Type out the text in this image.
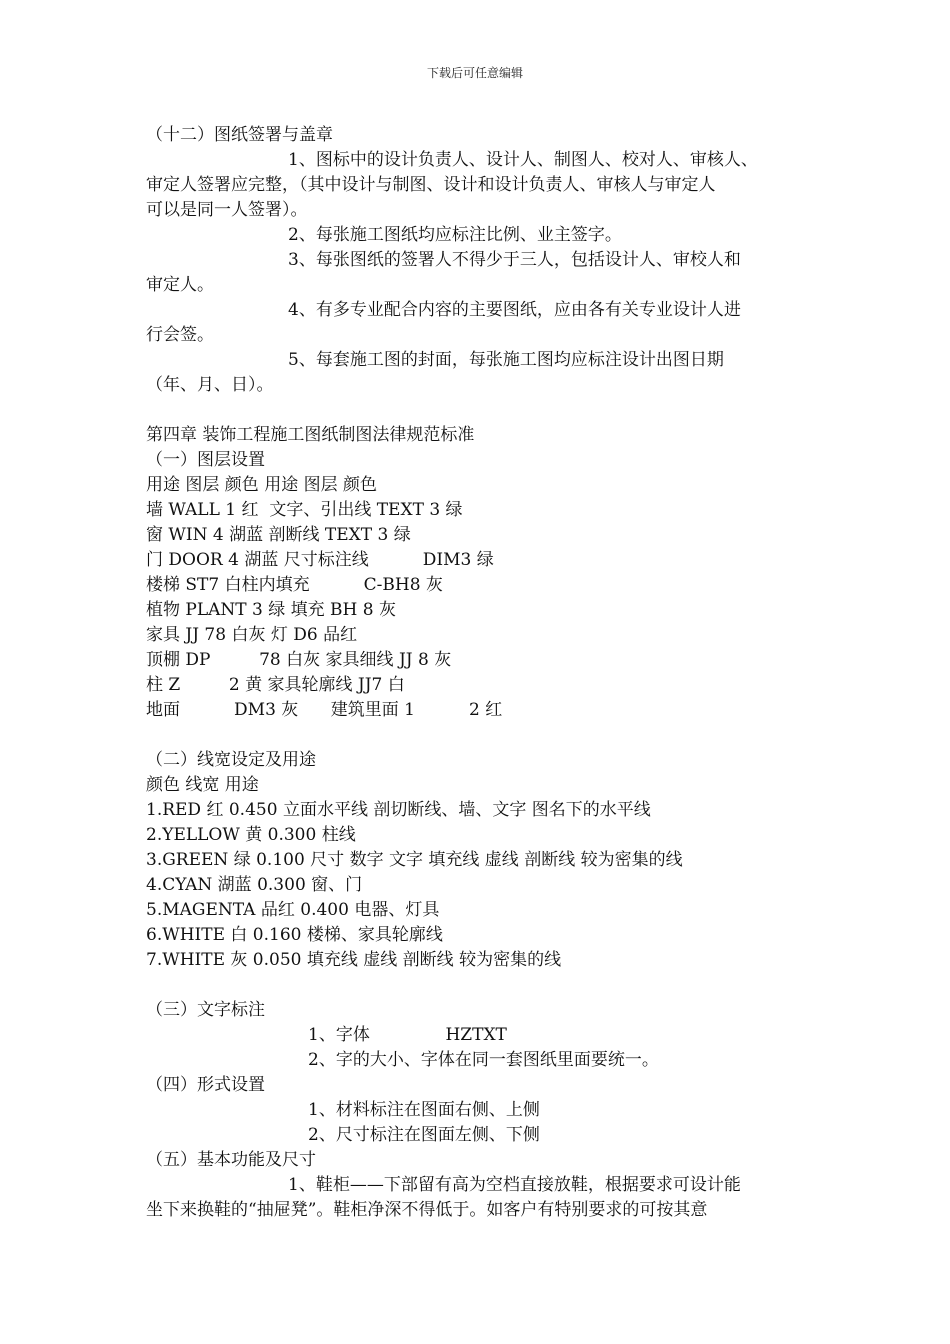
下载后可任意编辑
（十二）图纸签署与盖章
1、图标中的设计负责人、设计人、制图人、校对人、审核人、
审定人签署应完整，（其中设计与制图、设计和设计负责人、审核人与审定人
可以是同一人签署）。
2、每张施工图纸均应标注比例、业主签字。
3、每张图纸的签署人不得少于三人，包括设计人、审校人和
审定人。
4、有多专业配合内容的主要图纸，应由各有关专业设计人进
行会签。
5、每套施工图的封面，每张施工图均应标注设计出图日期
（年、月、日）。
第四章 装饰工程施工图纸制图法律规范标准
（一）图层设置
用途 图层 颜色 用途 图层 颜色
墙 WALL 1 红  文字、引出线 TEXT 3 绿
窗 WIN 4 湖蓝 剖断线 TEXT 3 绿
门 DOOR 4 湖蓝 尺寸标注线          DIM3 绿
楼梯 ST7 白柱内填充          C-BH8 灰
植物 PLANT 3 绿 填充 BH 8 灰
家具 JJ 78 白灰 灯 D6 品红
顶棚 DP         78 白灰 家具细线 JJ 8 灰
柱 Z         2 黄 家具轮廓线 JJ7 白
地面          DM3 灰      建筑里面 1          2 红
（二）线宽设定及用途
颜色 线宽 用途
1.RED 红 0.450 立面水平线 剖切断线、墙、文字 图名下的水平线
2.YELLOW 黄 0.300 柱线
3.GREEN 绿 0.100 尺寸 数字 文字 填充线 虚线 剖断线 较为密集的线
4.CYAN 湖蓝 0.300 窗、门
5.MAGENTA 品红 0.400 电器、灯具
6.WHITE 白 0.160 楼梯、家具轮廓线
7.WHITE 灰 0.050 填充线 虚线 剖断线 较为密集的线
（三）文字标注
1、字体              HZTXT
2、字的大小、字体在同一套图纸里面要统一。
（四）形式设置
1、材料标注在图面右侧、上侧
2、尺寸标注在图面左侧、下侧
（五）基本功能及尺寸
1、鞋柜——下部留有高为空档直接放鞋，根据要求可设计能
坐下来换鞋的“抽屉凳”。鞋柜净深不得低于。如客户有特别要求的可按其意
